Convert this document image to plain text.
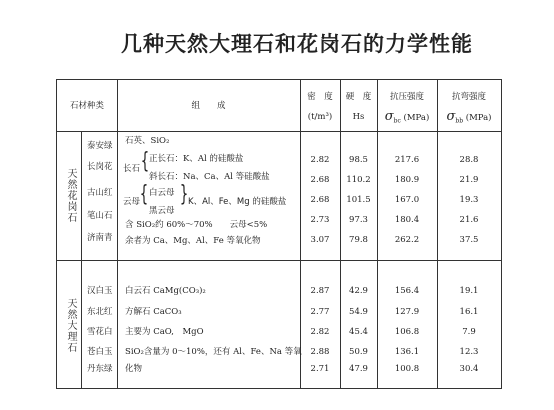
几种天然大理石和花岗石的力学性能
石材种类	组　　成
密　度
(t/m³)
硬　度
Hs
抗压强度
$\sigma_{bc}$ (MPa)
抗弯强度
$\sigma_{bb}$ (MPa)
天然花岗石
泰安绿
长岗花
古山红
笔山石
济南青
石英、SiO₂
长石 { 正长石：K、Al 的硅酸盐
斜长石：Na、Ca、Al 等硅酸盐
云母 { 白云母
黑云母
{ K、Al、Fe、Mg 的硅酸盐
含 SiO₂约 60%～70%　　云母<5%
余者为 Ca、Mg、Al、Fe 等氧化物
2.82
2.68
2.68
2.73
3.07
98.5
110.2
101.5
97.3
79.8
217.6
180.9
167.0
180.4
262.2
28.8
21.9
19.3
21.6
37.5
天然大理石
汉白玉
东北红
雪花白
苍白玉
丹东绿
白云石 CaMg(CO₃)₂
方解石 CaCO₃
主要为 CaO,　MgO
SiO₂含量为 0～10%，还有 Al、Fe、Na 等氧
化物
2.87
2.77
2.82
2.88
2.71
42.9
54.9
45.4
50.9
47.9
156.4
127.9
106.8
136.1
100.8
19.1
16.1
7.9
12.3
30.4
